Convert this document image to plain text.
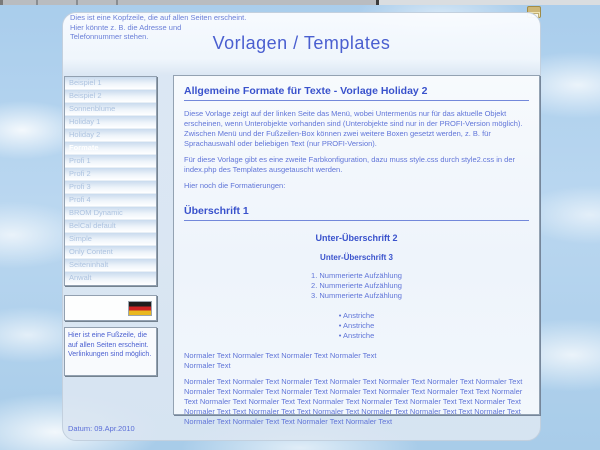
Dies ist eine Kopfzeile, die auf allen Seiten erscheint.
Hier könnte z. B. die Adresse und
Telefonnummer stehen.	Vorlagen / Templates
Beispiel 1
Beispiel 2
Sonnenblume
Holiday 1
Holiday 2
Formate
Profi 1
Profi 2
Profi 3
Profi 4
BROM Dynamic
BelCal default
Simple
Only Content
Seiteninhalt
Anwalt
Hier ist eine Fußzeile, die auf allen Seiten erscheint. Verlinkungen sind möglich.
Allgemeine Formate für Texte - Vorlage Holiday 2

Diese Vorlage zeigt auf der linken Seite das Menü, wobei Untermenüs nur für das aktuelle Objekt erscheinen, wenn Unterobjekte vorhanden sind (Unterobjekte sind nur in der PROFI-Version möglich). Zwischen Menü und der Fußzeilen-Box können zwei weitere Boxen gesetzt werden, z. B. für Sprachauswahl oder beliebigen Text (nur PROFI-Version).

Für diese Vorlage gibt es eine zweite Farbkonfiguration, dazu muss style.css durch style2.css in der index.php des Templates ausgetauscht werden.

Hier noch die Formatierungen:

Überschrift 1
Unter-Überschrift 2
Unter-Überschrift 3
Nummerierte Aufzählung
Nummerierte Aufzählung
Nummerierte Aufzählung
• Anstriche
• Anstriche
• Anstriche

Normaler Text Normaler Text Normaler Text Normaler Text Normaler Text

Normaler Text Normaler Text Normaler Text Normaler Text Normaler Text Normaler Text Normaler Text Normaler Text Normaler Text Normaler Text Normaler Text Normaler Text Normaler Text Text Normaler Text Normaler Text Normaler Text Text Normaler Text Normaler Text Normaler Text Text Normaler Text Normaler Text Text Normaler Text Text Normaler Text Normaler Text Normaler Text Text Normaler Text Normaler Text Normaler Text Text Normaler Text Normaler Text

Datum: 09.Apr.2010
